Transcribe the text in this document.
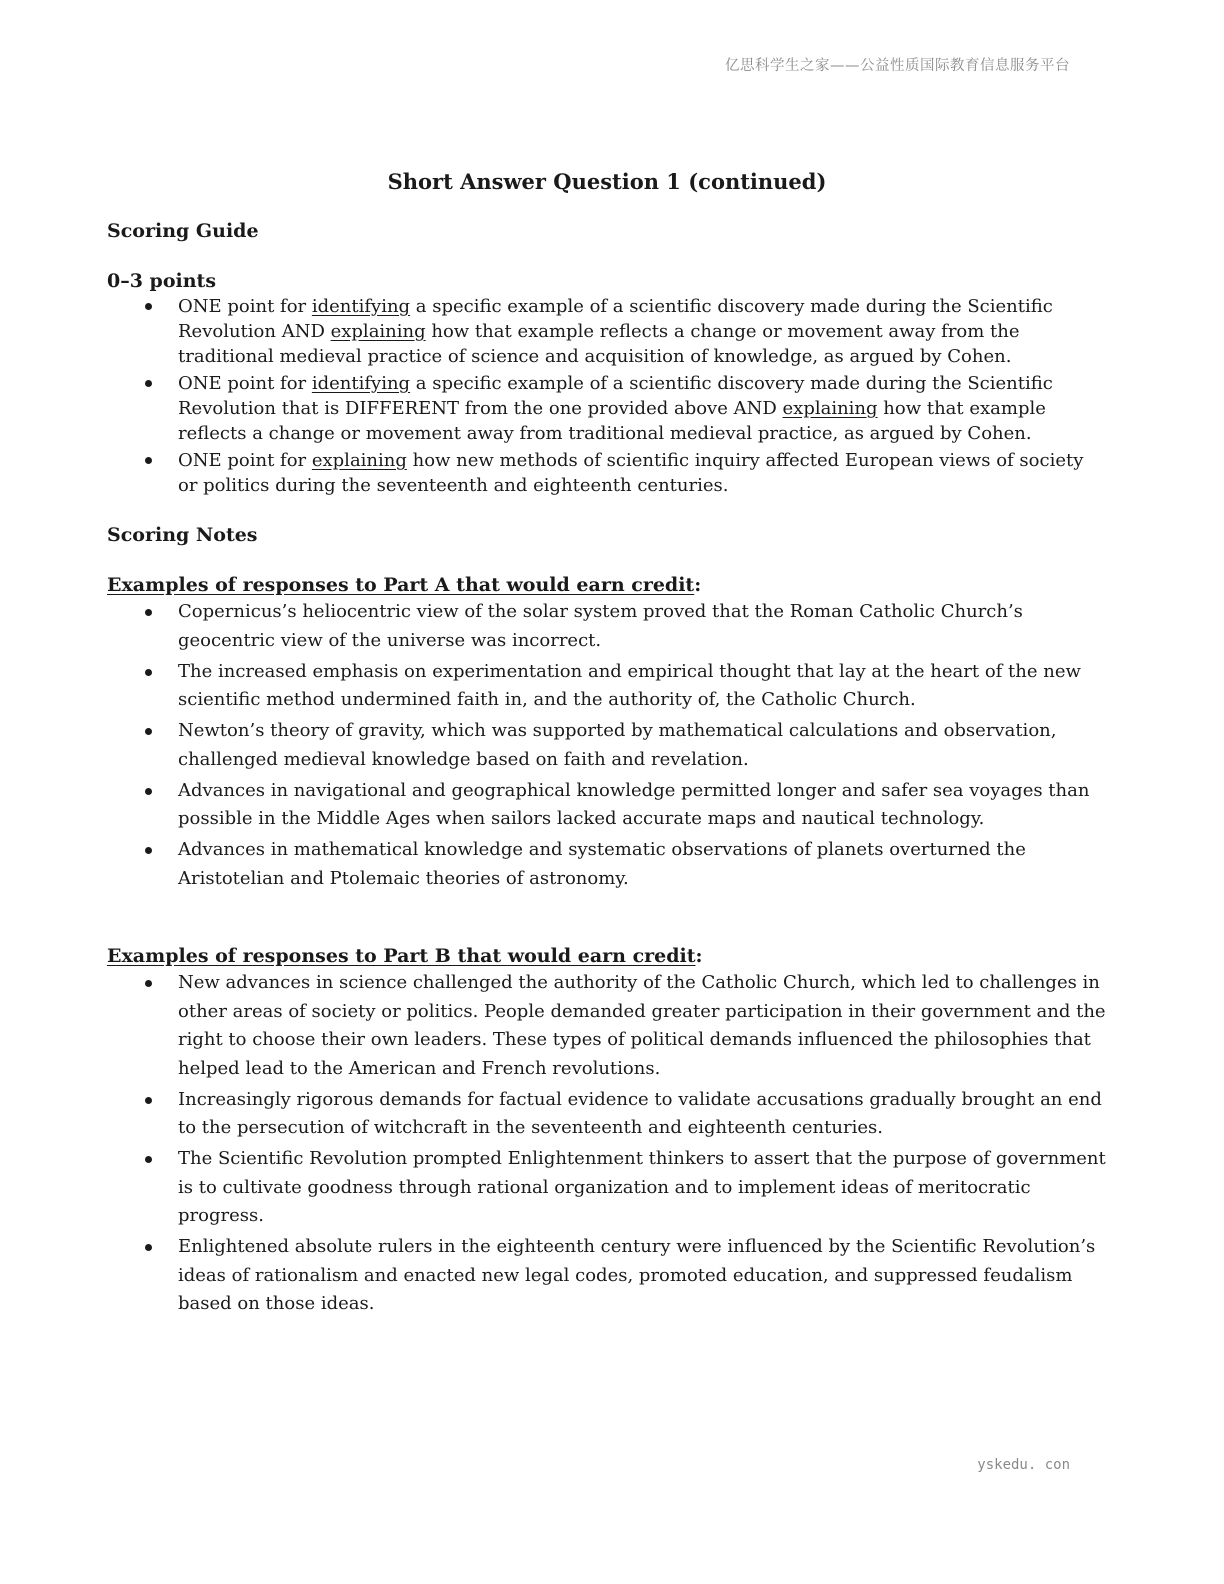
亿思科学生之家——公益性质国际教育信息服务平台
Short Answer Question 1 (continued)
Scoring Guide
0–3 points
ONE point for identifying a specific example of a scientific discovery made during the Scientific Revolution AND explaining how that example reflects a change or movement away from the traditional medieval practice of science and acquisition of knowledge, as argued by Cohen.
ONE point for identifying a specific example of a scientific discovery made during the Scientific Revolution that is DIFFERENT from the one provided above AND explaining how that example reflects a change or movement away from traditional medieval practice, as argued by Cohen.
ONE point for explaining how new methods of scientific inquiry affected European views of society or politics during the seventeenth and eighteenth centuries.
Scoring Notes
Examples of responses to Part A that would earn credit:
Copernicus’s heliocentric view of the solar system proved that the Roman Catholic Church’s geocentric view of the universe was incorrect.
The increased emphasis on experimentation and empirical thought that lay at the heart of the new scientific method undermined faith in, and the authority of, the Catholic Church.
Newton’s theory of gravity, which was supported by mathematical calculations and observation, challenged medieval knowledge based on faith and revelation.
Advances in navigational and geographical knowledge permitted longer and safer sea voyages than possible in the Middle Ages when sailors lacked accurate maps and nautical technology.
Advances in mathematical knowledge and systematic observations of planets overturned the Aristotelian and Ptolemaic theories of astronomy.
Examples of responses to Part B that would earn credit:
New advances in science challenged the authority of the Catholic Church, which led to challenges in other areas of society or politics. People demanded greater participation in their government and the right to choose their own leaders. These types of political demands influenced the philosophies that helped lead to the American and French revolutions.
Increasingly rigorous demands for factual evidence to validate accusations gradually brought an end to the persecution of witchcraft in the seventeenth and eighteenth centuries.
The Scientific Revolution prompted Enlightenment thinkers to assert that the purpose of government is to cultivate goodness through rational organization and to implement ideas of meritocratic progress.
Enlightened absolute rulers in the eighteenth century were influenced by the Scientific Revolution’s ideas of rationalism and enacted new legal codes, promoted education, and suppressed feudalism based on those ideas.
yskedu. con
